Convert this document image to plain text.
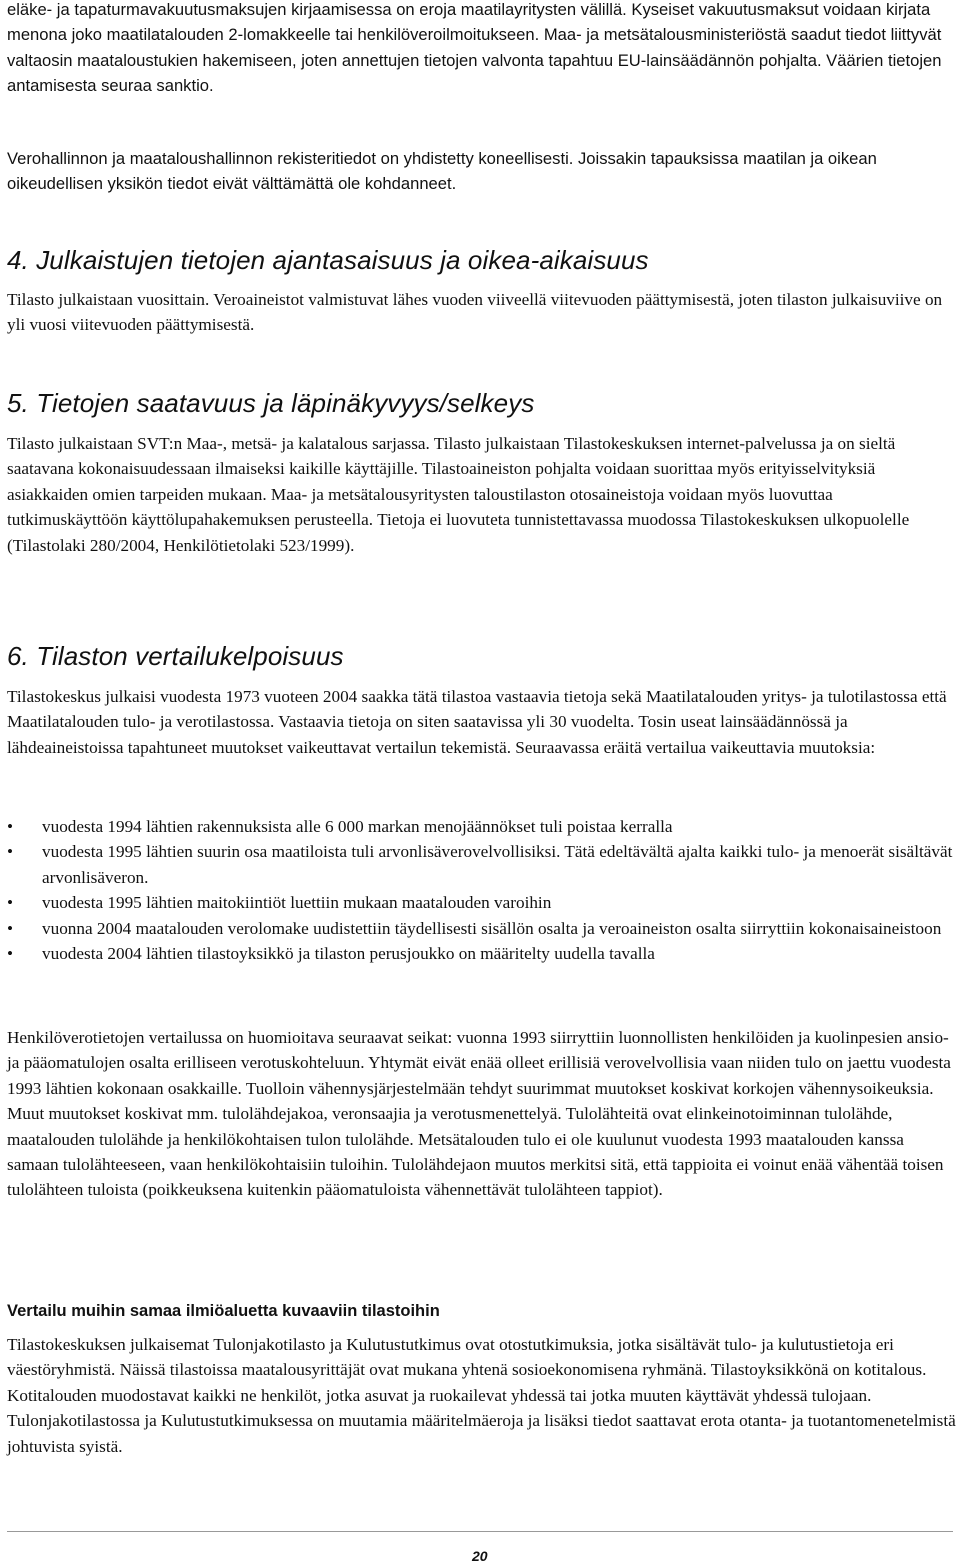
eläke- ja tapaturmavakuutusmaksujen kirjaamisessa on eroja maatilayritysten välillä. Kyseiset vakuutusmaksut voidaan kirjata menona joko maatilatalouden 2-lomakkeelle tai henkilöveroilmoitukseen. Maa- ja metsätalousministeriöstä saadut tiedot liittyvät valtaosin maataloustukien hakemiseen, joten annettujen tietojen valvonta tapahtuu EU-lainsäädännön pohjalta. Väärien tietojen antamisesta seuraa sanktio.

Verohallinnon ja maataloushallinnon rekisteritiedot on yhdistetty koneellisesti. Joissakin tapauksissa maatilan ja oikean oikeudellisen yksikön tiedot eivät välttämättä ole kohdanneet.

4. Julkaistujen tietojen ajantasaisuus ja oikea-aikaisuus

Tilasto julkaistaan vuosittain. Veroaineistot valmistuvat lähes vuoden viiveellä viitevuoden päättymisestä, joten tilaston julkaisuviive on yli vuosi viitevuoden päättymisestä.

5. Tietojen saatavuus ja läpinäkyvyys/selkeys

Tilasto julkaistaan SVT:n Maa-, metsä- ja kalatalous sarjassa. Tilasto julkaistaan Tilastokeskuksen internet-palvelussa ja on sieltä saatavana kokonaisuudessaan ilmaiseksi kaikille käyttäjille. Tilastoaineiston pohjalta voidaan suorittaa myös erityisselvityksiä asiakkaiden omien tarpeiden mukaan. Maa- ja metsätalousyritysten taloustilaston otosaineistoja voidaan myös luovuttaa tutkimuskäyttöön käyttölupahakemuksen perusteella. Tietoja ei luovuteta tunnistettavassa muodossa Tilastokeskuksen ulkopuolelle (Tilastolaki 280/2004, Henkilötietolaki 523/1999).

6. Tilaston vertailukelpoisuus

Tilastokeskus julkaisi vuodesta 1973 vuoteen 2004 saakka tätä tilastoa vastaavia tietoja sekä Maatilatalouden yritys- ja tulotilastossa että Maatilatalouden tulo- ja verotilastossa. Vastaavia tietoja on siten saatavissa yli 30 vuodelta. Tosin useat lainsäädännössä ja lähdeaineistoissa tapahtuneet muutokset vaikeuttavat vertailun tekemistä. Seuraavassa eräitä vertailua vaikeuttavia muutoksia:

• vuodesta 1994 lähtien rakennuksista alle 6 000 markan menojäännökset tuli poistaa kerralla
• vuodesta 1995 lähtien suurin osa maatiloista tuli arvonlisäverovelvollisiksi. Tätä edeltävältä ajalta kaikki tulo- ja menoerät sisältävät arvonlisäveron.
• vuodesta 1995 lähtien maitokiintiöt luettiin mukaan maatalouden varoihin
• vuonna 2004 maatalouden verolomake uudistettiin täydellisesti sisällön osalta ja veroaineiston osalta siirryttiin kokonaisaineistoon
• vuodesta 2004 lähtien tilastoyksikkö ja tilaston perusjoukko on määritelty uudella tavalla

Henkilöverotietojen vertailussa on huomioitava seuraavat seikat: vuonna 1993 siirryttiin luonnollisten henkilöiden ja kuolinpesien ansio- ja pääomatulojen osalta erilliseen verotuskohteluun. Yhtymät eivät enää olleet erillisiä verovelvollisia vaan niiden tulo on jaettu vuodesta 1993 lähtien kokonaan osakkaille. Tuolloin vähennysjärjestelmään tehdyt suurimmat muutokset koskivat korkojen vähennysoikeuksia. Muut muutokset koskivat mm. tulolähdejakoa, veronsaajia ja verotusmenettelyä. Tulolähteitä ovat elinkeinotoiminnan tulolähde, maatalouden tulolähde ja henkilökohtaisen tulon tulolähde. Metsätalouden tulo ei ole kuulunut vuodesta 1993 maatalouden kanssa samaan tulolähteeseen, vaan henkilökohtaisiin tuloihin. Tulolähdejaon muutos merkitsi sitä, että tappioita ei voinut enää vähentää toisen tulolähteen tuloista (poikkeuksena kuitenkin pääomatuloista vähennettävät tulolähteen tappiot).

Vertailu muihin samaa ilmiöaluetta kuvaaviin tilastoihin

Tilastokeskuksen julkaisemat Tulonjakotilasto ja Kulutustutkimus ovat otostutkimuksia, jotka sisältävät tulo- ja kulutustietoja eri väestöryhmistä. Näissä tilastoissa maatalousyrittäjät ovat mukana yhtenä sosioekonomisena ryhmänä. Tilastoyksikkönä on kotitalous. Kotitalouden muodostavat kaikki ne henkilöt, jotka asuvat ja ruokailevat yhdessä tai jotka muuten käyttävät yhdessä tulojaan. Tulonjakotilastossa ja Kulutustutkimuksessa on muutamia määritelmäeroja ja lisäksi tiedot saattavat erota otanta- ja tuotantomenetelmistä johtuvista syistä.

20
